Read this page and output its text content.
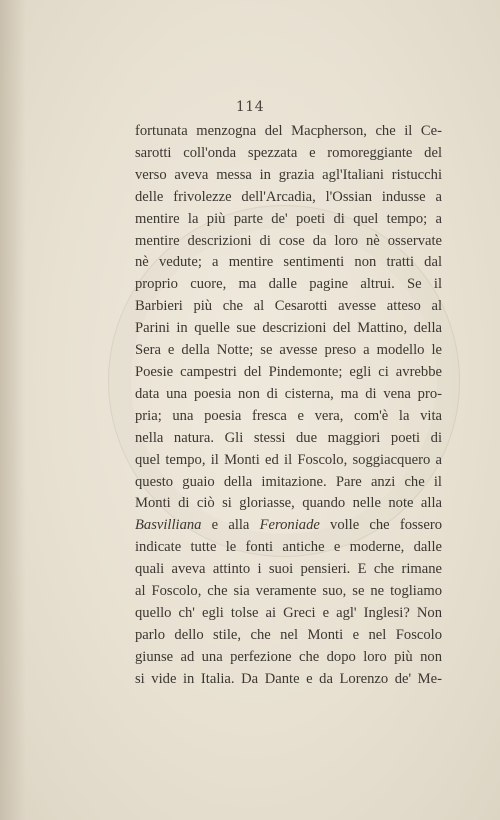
114
fortunata menzogna del Macpherson, che il Ce-
sarotti coll'onda spezzata e romoreggiante del
verso aveva messa in grazia agl'Italiani ristucchi
delle frivolezze dell'Arcadia, l'Ossian indusse a
mentire la più parte de' poeti di quel tempo; a
mentire descrizioni di cose da loro nè osservate
nè vedute; a mentire sentimenti non tratti dal
proprio cuore, ma dalle pagine altrui. Se il
Barbieri più che al Cesarotti avesse atteso al
Parini in quelle sue descrizioni del Mattino, della
Sera e della Notte; se avesse preso a modello le
Poesie campestri del Pindemonte; egli ci avrebbe
data una poesia non di cisterna, ma di vena pro-
pria; una poesia fresca e vera, com'è la vita
nella natura. Gli stessi due maggiori poeti di
quel tempo, il Monti ed il Foscolo, soggiacquero a
questo guaio della imitazione. Pare anzi che il
Monti di ciò si gloriasse, quando nelle note alla
Basvilliana e alla Feroniade volle che fossero
indicate tutte le fonti antiche e moderne, dalle
quali aveva attinto i suoi pensieri. E che rimane
al Foscolo, che sia veramente suo, se ne togliamo
quello ch' egli tolse ai Greci e agl' Inglesi? Non
parlo dello stile, che nel Monti e nel Foscolo
giunse ad una perfezione che dopo loro più non
si vide in Italia. Da Dante e da Lorenzo de' Me-
